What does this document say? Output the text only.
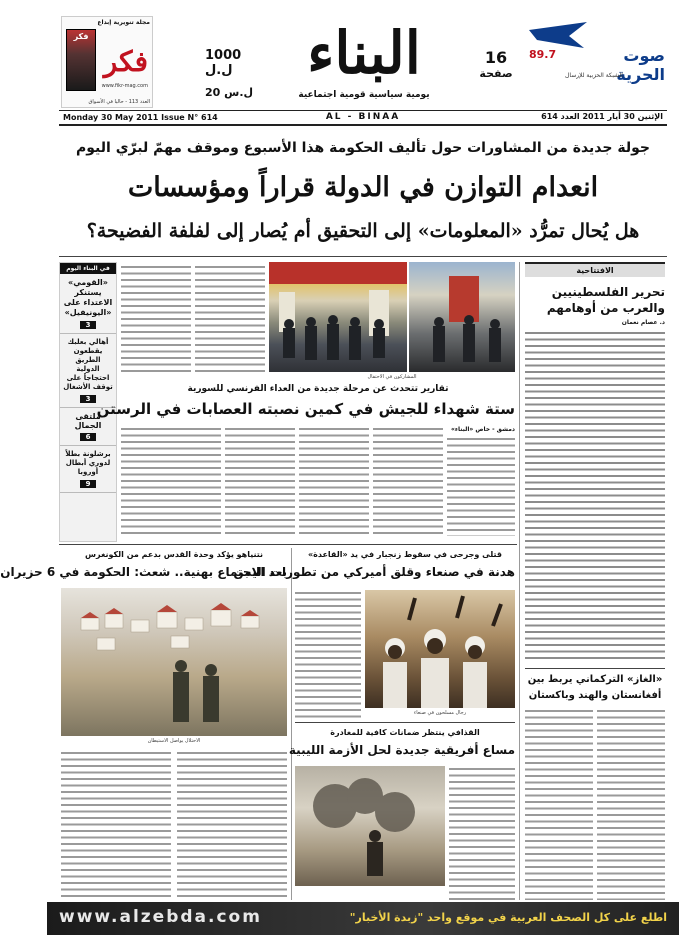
مجلة تنويرية إبداع
فكر
فكر
www.fikr-mag.com
العدد 113 - حاليا في الأسواق
1000 ل.ل
20 ل.س
البناء
يومية سياسية قومية اجتماعية
16
صفحة
89.7	صوت الحرية
الشبكة الحزبية للإرسال
Monday 30 May 2011 Issue N° 614	AL - BINAA	الإثنين 30 أيار 2011 العدد 614
جولة جديدة من المشاورات حول تأليف الحكومة هذا الأسبوع وموقف مهمّ لبرّي اليوم
انعدام التوازن في الدولة قراراً ومؤسسات
هل يُحال تمرُّد «المعلومات» إلى التحقيق أم يُصار إلى لفلفة الفضيحة؟
الافتتاحية
تحرير الفلسطينيين
والعرب من أوهامهم
د. عصام نعمان
في البناء اليوم
«القومي» يستنكر الاعتداء على «اليونيفيل»
3
أهالي بعلبك يقطعون الطريق الدولية احتجاجاً على توقف الأشغال
3
ملتقى الجمال
6
برشلونة بطلاً لدوري أبطال أوروبا
9
المشاركون في الاحتفال
تقارير تتحدث عن مرحلة جديدة من العداء الفرنسي للسورية
ستة شهداء للجيش في كمين نصبته العصابات في الرستن
دمشق - خاص «البناء»
نتنياهو يؤكد وحدة القدس بدعم من الكونغرس
بعد الاجتماع بهنية.. شعث: الحكومة في 6 حزيران
الاحتلال يواصل الاستيطان
قتلى وجرحى في سقوط زنجبار في يد «القاعدة»
هدنة في صنعاء وقلق أميركي من تطورات اليمن
رجال مسلحون في صنعاء
القذافي ينتظر ضمانات كافية للمغادرة
مساع أفريقية جديدة لحل الأزمة الليبية
«الغاز» التركماني يربط بين
أفغانستان والهند وباكستان
www.alzebda.com	اطلع على كل الصحف العربية في موقع واحد "زبدة الأخبار"
